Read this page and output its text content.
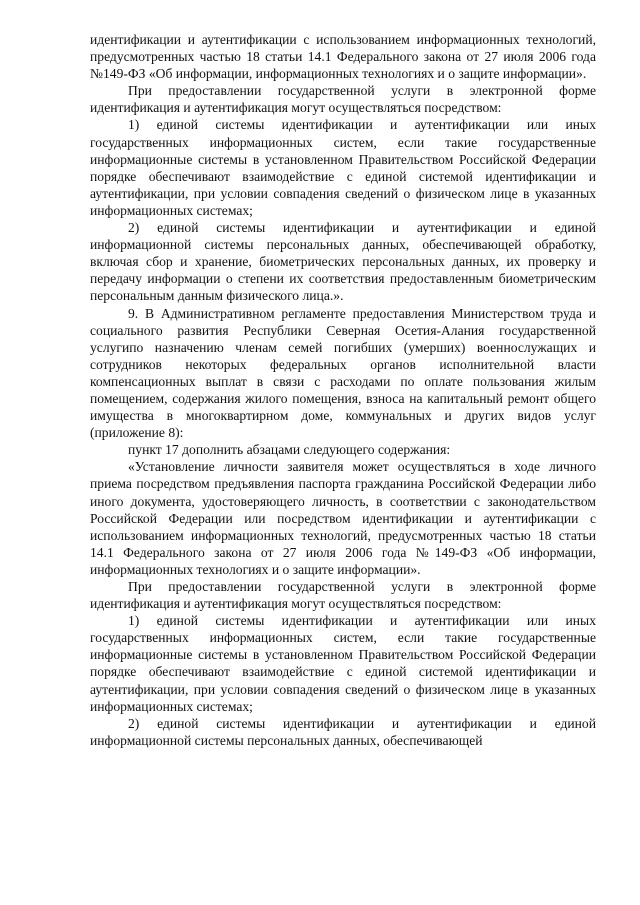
идентификации и аутентификации с использованием информационных технологий, предусмотренных частью 18 статьи 14.1 Федерального закона от 27 июля 2006 года №149-ФЗ «Об информации, информационных технологиях и о защите информации».

При предоставлении государственной услуги в электронной форме идентификация и аутентификация могут осуществляться посредством:

1) единой системы идентификации и аутентификации или иных государственных информационных систем, если такие государственные информационные системы в установленном Правительством Российской Федерации порядке обеспечивают взаимодействие с единой системой идентификации и аутентификации, при условии совпадения сведений о физическом лице в указанных информационных системах;

2) единой системы идентификации и аутентификации и единой информационной системы персональных данных, обеспечивающей обработку, включая сбор и хранение, биометрических персональных данных, их проверку и передачу информации о степени их соответствия предоставленным биометрическим персональным данным физического лица.».

9. В Административном регламенте предоставления Министерством труда и социального развития Республики Северная Осетия-Алания государственной услугипо назначению членам семей погибших (умерших) военнослужащих и сотрудников некоторых федеральных органов исполнительной власти компенсационных выплат в связи с расходами по оплате пользования жилым помещением, содержания жилого помещения, взноса на капитальный ремонт общего имущества в многоквартирном доме, коммунальных и других видов услуг (приложение 8):

пункт 17 дополнить абзацами следующего содержания:

«Установление личности заявителя может осуществляться в ходе личного приема посредством предъявления паспорта гражданина Российской Федерации либо иного документа, удостоверяющего личность, в соответствии с законодательством Российской Федерации или посредством идентификации и аутентификации с использованием информационных технологий, предусмотренных частью 18 статьи 14.1 Федерального закона от 27 июля 2006 года №149-ФЗ «Об информации, информационных технологиях и о защите информации».

При предоставлении государственной услуги в электронной форме идентификация и аутентификация могут осуществляться посредством:

1) единой системы идентификации и аутентификации или иных государственных информационных систем, если такие государственные информационные системы в установленном Правительством Российской Федерации порядке обеспечивают взаимодействие с единой системой идентификации и аутентификации, при условии совпадения сведений о физическом лице в указанных информационных системах;

2) единой системы идентификации и аутентификации и единой информационной системы персональных данных, обеспечивающей
